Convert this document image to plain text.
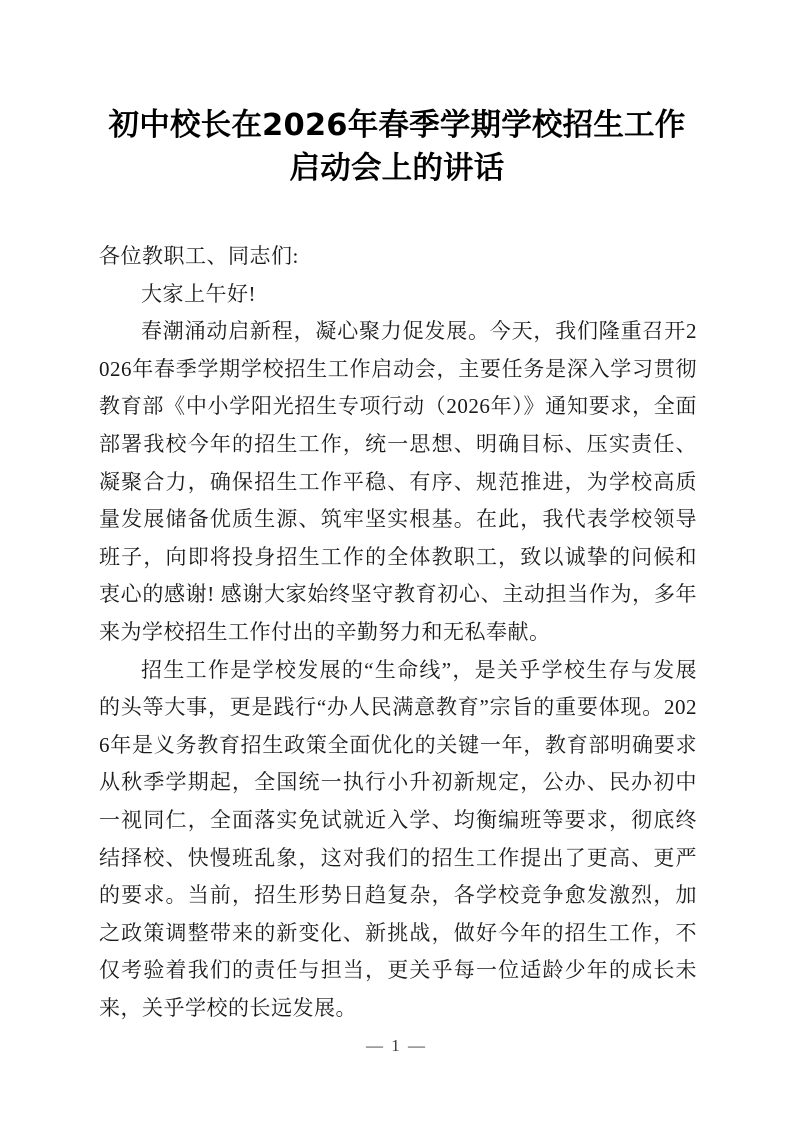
初中校长在2026年春季学期学校招生工作
启动会上的讲话

各位教职工、同志们:

大家上午好!

春潮涌动启新程，凝心聚力促发展。今天，我们隆重召开2026年春季学期学校招生工作启动会，主要任务是深入学习贯彻教育部《中小学阳光招生专项行动（2026年）》通知要求，全面部署我校今年的招生工作，统一思想、明确目标、压实责任、凝聚合力，确保招生工作平稳、有序、规范推进，为学校高质量发展储备优质生源、筑牢坚实根基。在此，我代表学校领导班子，向即将投身招生工作的全体教职工，致以诚挚的问候和衷心的感谢! 感谢大家始终坚守教育初心、主动担当作为，多年来为学校招生工作付出的辛勤努力和无私奉献。

招生工作是学校发展的“生命线”，是关乎学校生存与发展的头等大事，更是践行“办人民满意教育”宗旨的重要体现。2026年是义务教育招生政策全面优化的关键一年，教育部明确要求从秋季学期起，全国统一执行小升初新规定，公办、民办初中一视同仁，全面落实免试就近入学、均衡编班等要求，彻底终结择校、快慢班乱象，这对我们的招生工作提出了更高、更严的要求。当前，招生形势日趋复杂，各学校竞争愈发激烈，加之政策调整带来的新变化、新挑战，做好今年的招生工作，不仅考验着我们的责任与担当，更关乎每一位适龄少年的成长未来，关乎学校的长远发展。

— 1 —
